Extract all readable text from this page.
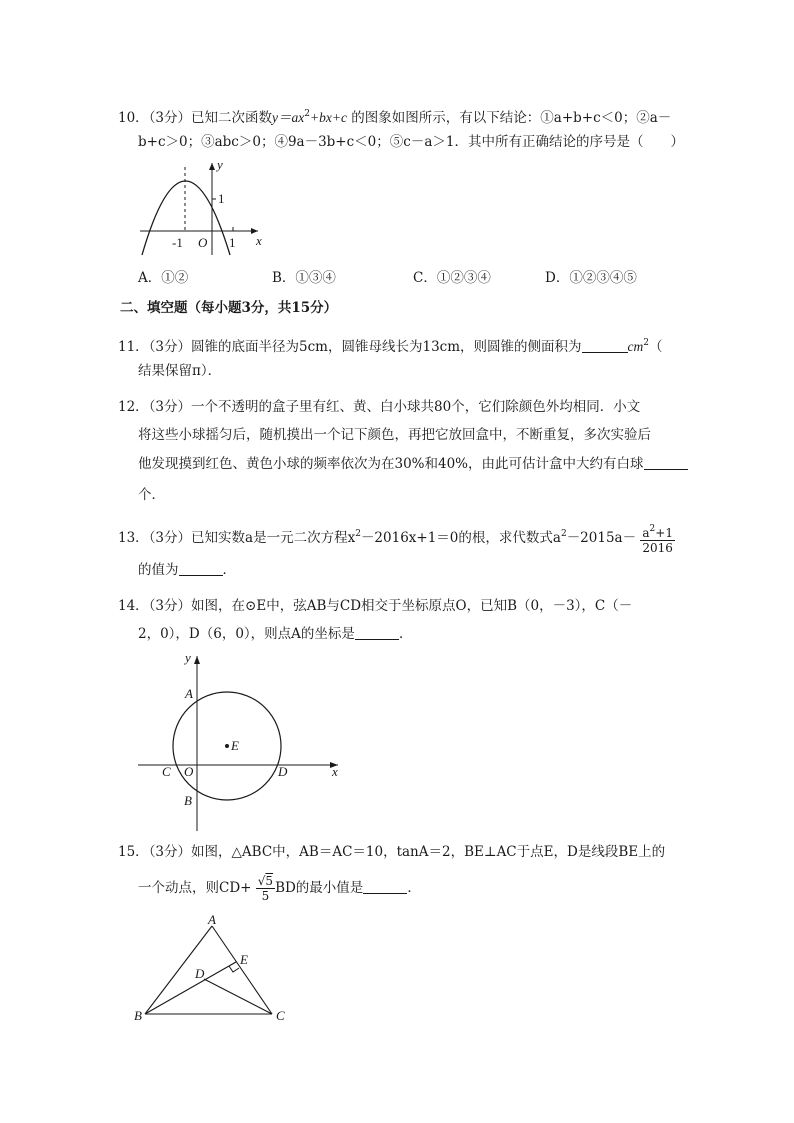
10．（3分）已知二次函数$y=ax^2+bx+c$ 的图象如图所示，有以下结论：①a+b+c＜0；②a－
b+c＞0；③abc＞0；④9a－3b+c＜0；⑤c－a＞1．其中所有正确结论的序号是（　　）
y
x
1
-1 O 1
A．①②	B．①③④	C．①②③④	D．①②③④⑤
二、填空题（每小题3分，共15分）
11．（3分）圆锥的底面半径为5cm，圆锥母线长为13cm，则圆锥的侧面积为	$cm^2$（
结果保留π）．
12．（3分）一个不透明的盒子里有红、黄、白小球共80个，它们除颜色外均相同．小文
将这些小球摇匀后，随机摸出一个记下颜色，再把它放回盒中，不断重复，多次实验后
他发现摸到红色、黄色小球的频率依次为在30%和40%，由此可估计盒中大约有白球
个．
13．（3分）已知实数a是一元二次方程$x^2-2016x+1=0$的根，求代数式$a^2-2015a- \frac{a^2+1}{2016}$
的值为	．
14．（3分）如图，在⊙E中，弦AB与CD相交于坐标原点O，已知B（0，－3），C（－
2，0），D（6，0），则点A的坐标是	．
y
x
A
E
C O	D
B
15．（3分）如图，△ABC中，AB＝AC＝10，tanA＝2，BE⊥AC于点E，D是线段BE上的
一个动点，则$CD+ \frac{√5}{5}$ BD的最小值是	．
A
E
D
B	C
